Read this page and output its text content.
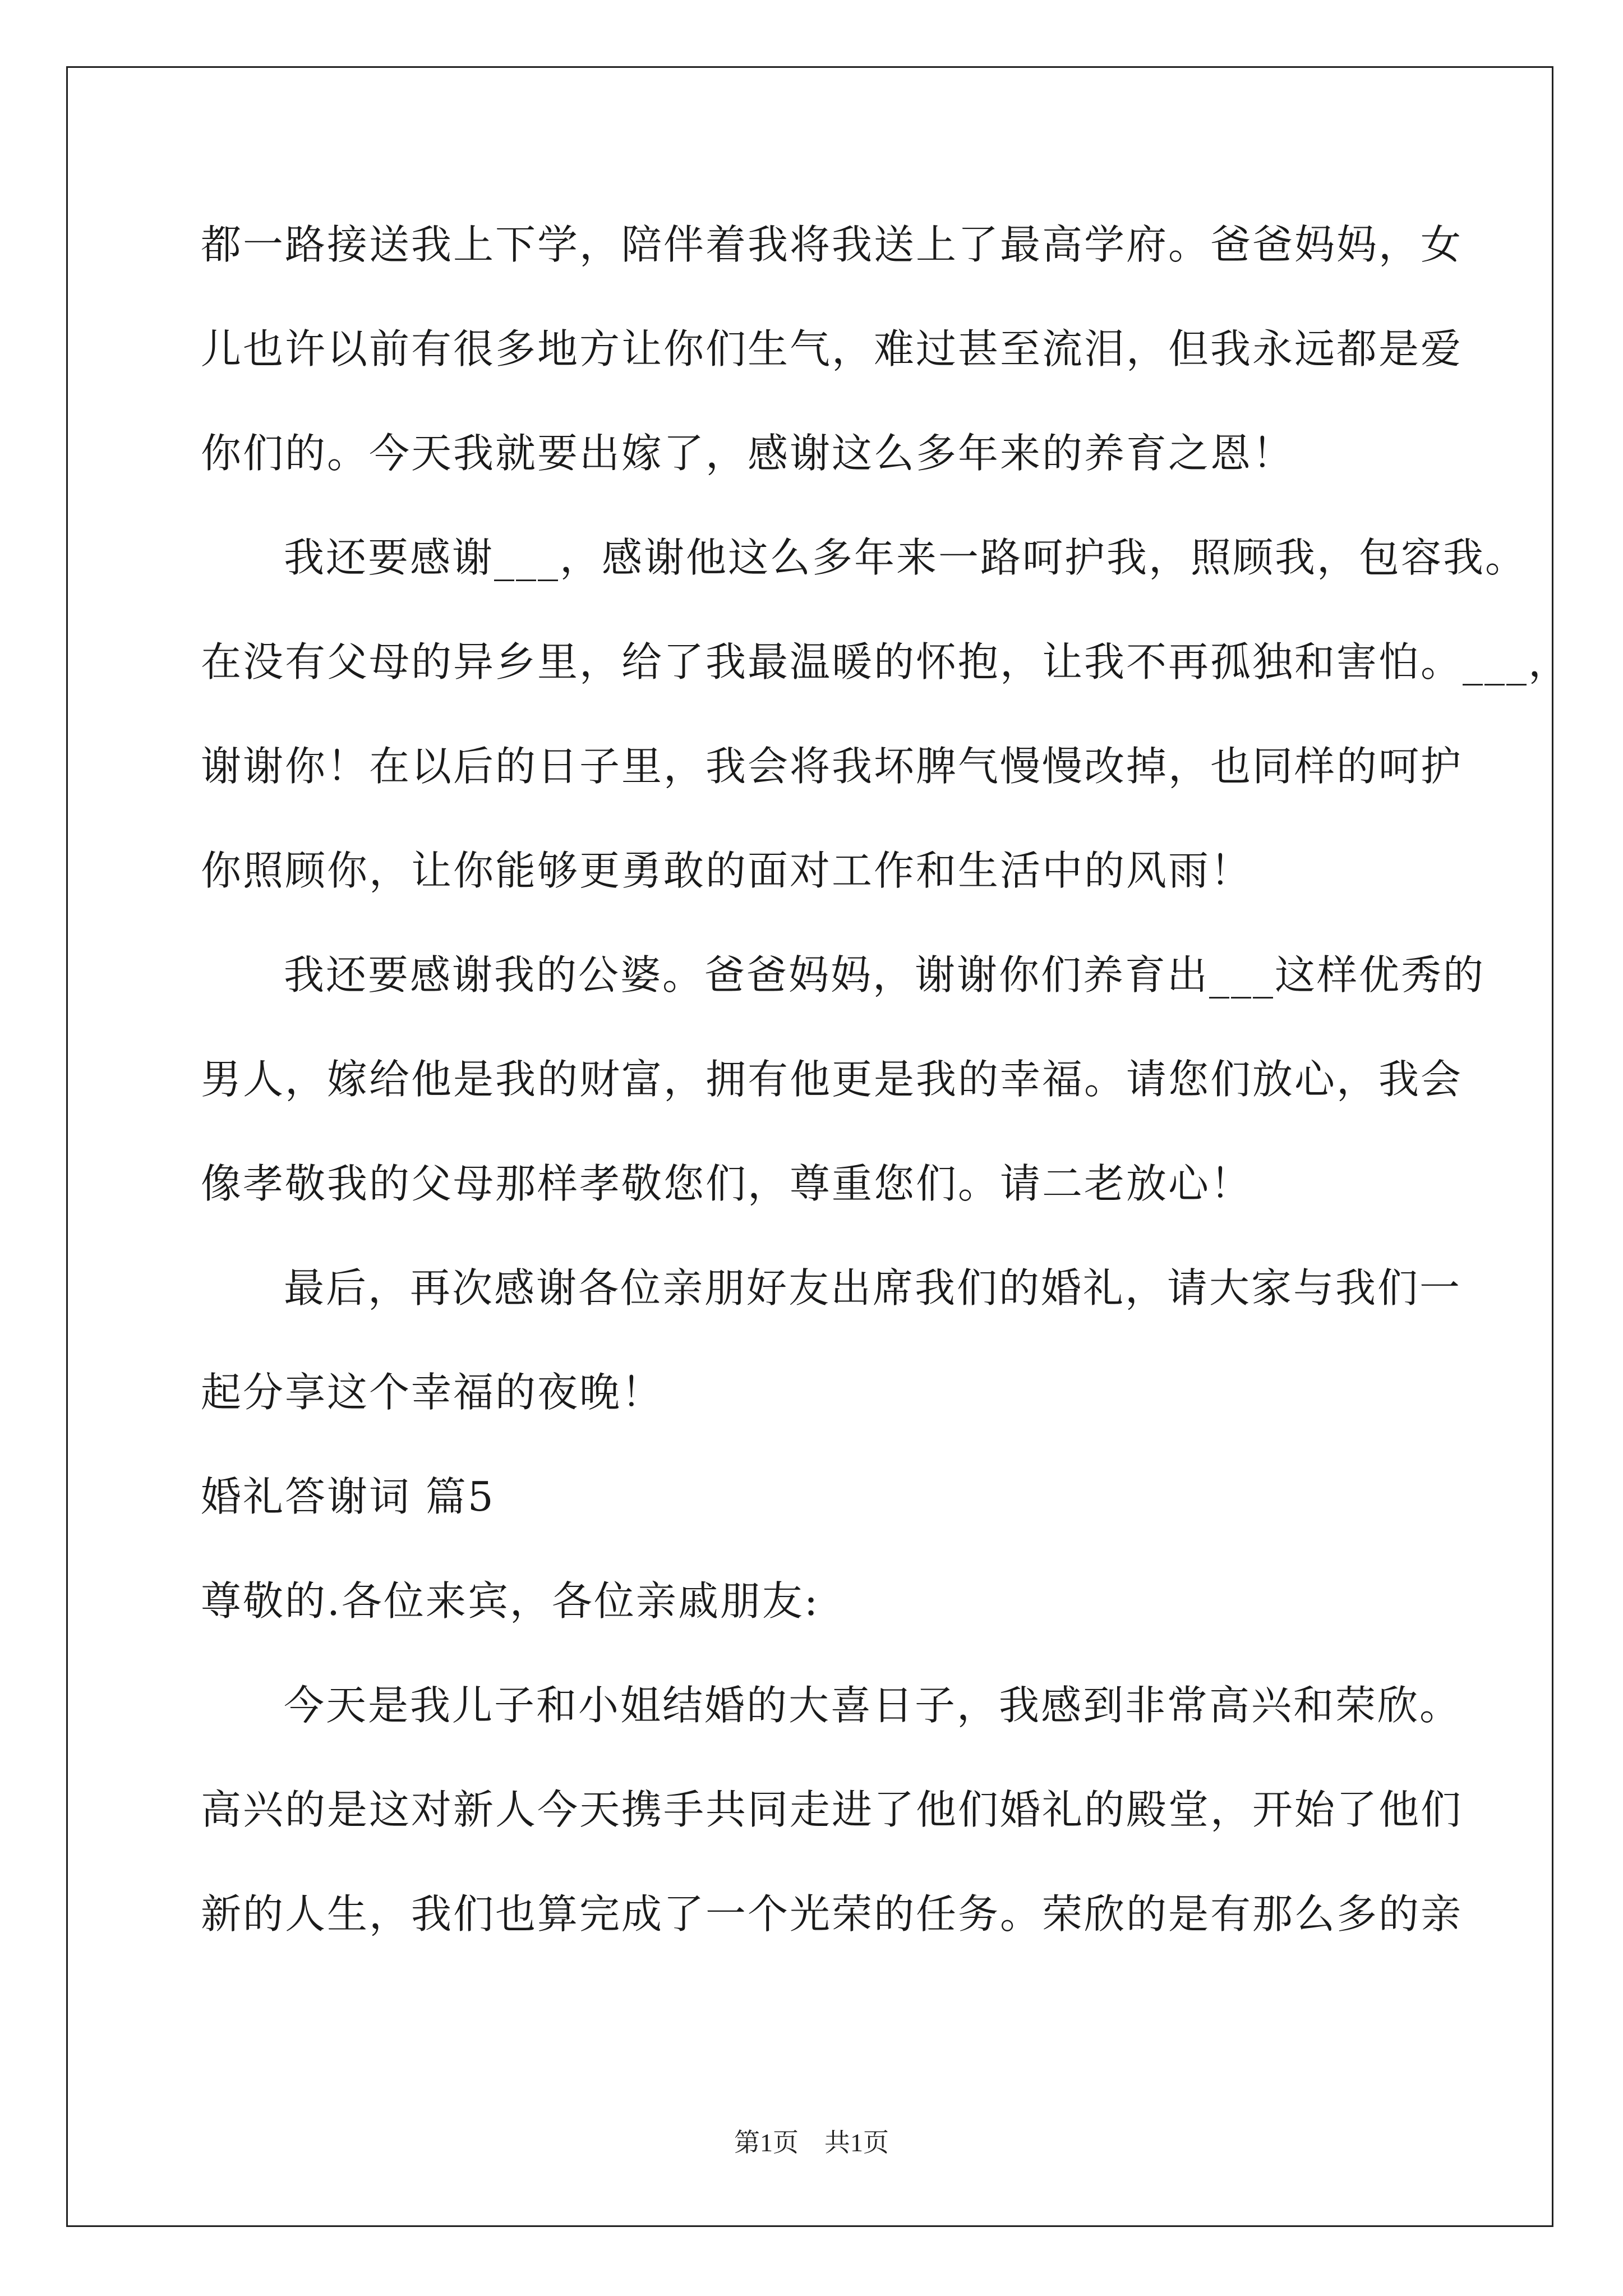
都一路接送我上下学，陪伴着我将我送上了最高学府。爸爸妈妈，女
儿也许以前有很多地方让你们生气，难过甚至流泪，但我永远都是爱
你们的。今天我就要出嫁了，感谢这么多年来的养育之恩！
我还要感谢___，感谢他这么多年来一路呵护我，照顾我，包容我。
在没有父母的异乡里，给了我最温暖的怀抱，让我不再孤独和害怕。___，
谢谢你！在以后的日子里，我会将我坏脾气慢慢改掉，也同样的呵护
你照顾你，让你能够更勇敢的面对工作和生活中的风雨！
我还要感谢我的公婆。爸爸妈妈，谢谢你们养育出___这样优秀的
男人，嫁给他是我的财富，拥有他更是我的幸福。请您们放心，我会
像孝敬我的父母那样孝敬您们，尊重您们。请二老放心！
最后，再次感谢各位亲朋好友出席我们的婚礼，请大家与我们一
起分享这个幸福的夜晚！
婚礼答谢词 篇5
尊敬的.各位来宾，各位亲戚朋友:
今天是我儿子和小姐结婚的大喜日子，我感到非常高兴和荣欣。
高兴的是这对新人今天携手共同走进了他们婚礼的殿堂，开始了他们
新的人生，我们也算完成了一个光荣的任务。荣欣的是有那么多的亲
第1页　共1页
